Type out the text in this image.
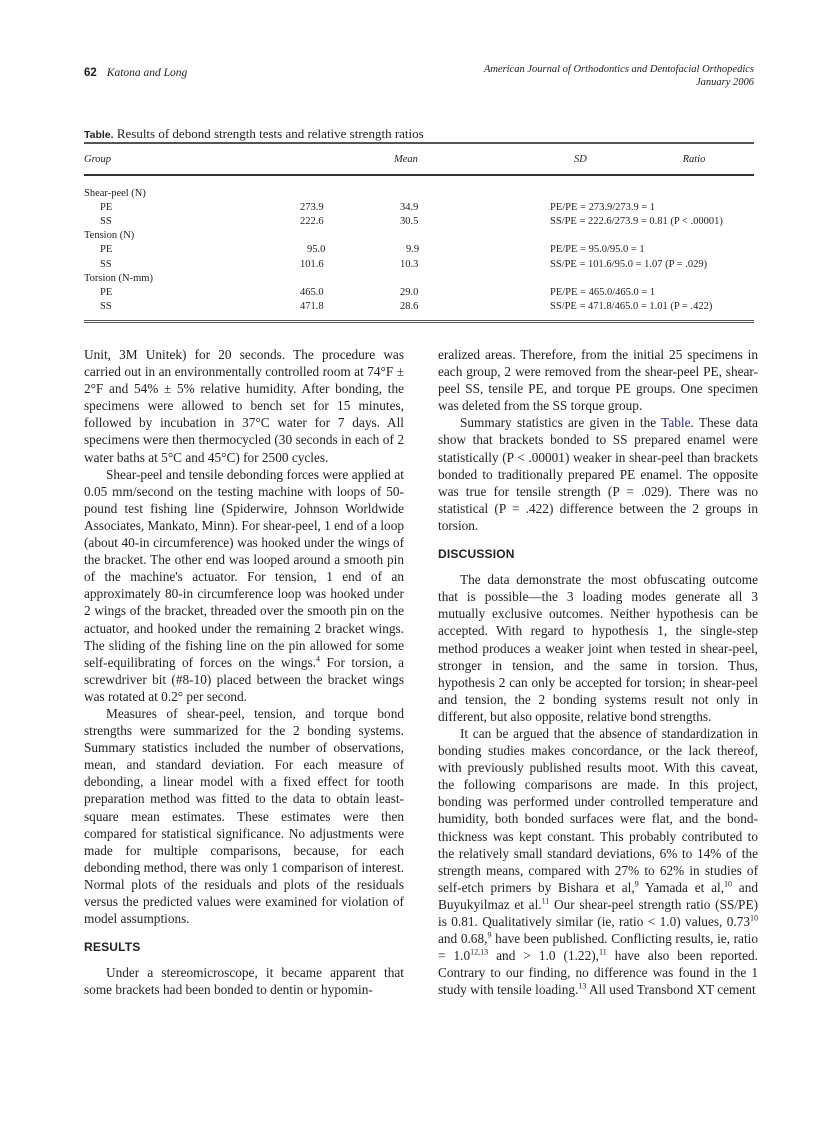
62 Katona and Long	American Journal of Orthodontics and Dentofacial Orthopedics
January 2006
Table. Results of debond strength tests and relative strength ratios
Group	Mean	SD	Ratio
Shear-peel (N)
PE	273.9	34.9	PE/PE = 273.9/273.9 = 1
SS	222.6	30.5	SS/PE = 222.6/273.9 = 0.81 (P < .00001)
Tension (N)
PE	95.0	9.9	PE/PE = 95.0/95.0 = 1
SS	101.6	10.3	SS/PE = 101.6/95.0 = 1.07 (P = .029)
Torsion (N-mm)
PE	465.0	29.0	PE/PE = 465.0/465.0 = 1
SS	471.8	28.6	SS/PE = 471.8/465.0 = 1.01 (P = .422)

Unit, 3M Unitek) for 20 seconds. The procedure was carried out in an environmentally controlled room at 74°F ± 2°F and 54% ± 5% relative humidity. After bonding, the specimens were allowed to bench set for 15 minutes, followed by incubation in 37°C water for 7 days. All specimens were then thermocycled (30 seconds in each of 2 water baths at 5°C and 45°C) for 2500 cycles.

Shear-peel and tensile debonding forces were applied at 0.05 mm/second on the testing machine with loops of 50-pound test fishing line (Spiderwire, Johnson Worldwide Associates, Mankato, Minn). For shear-peel, 1 end of a loop (about 40-in circumference) was hooked under the wings of the bracket. The other end was looped around a smooth pin of the machine's actuator. For tension, 1 end of an approximately 80-in circumference loop was hooked under 2 wings of the bracket, threaded over the smooth pin on the actuator, and hooked under the remaining 2 bracket wings. The sliding of the fishing line on the pin allowed for some self-equilibrating of forces on the wings.$^4$ For torsion, a screwdriver bit (#8-10) placed between the bracket wings was rotated at 0.2° per second.

Measures of shear-peel, tension, and torque bond strengths were summarized for the 2 bonding systems. Summary statistics included the number of observations, mean, and standard deviation. For each measure of debonding, a linear model with a fixed effect for tooth preparation method was fitted to the data to obtain least-square mean estimates. These estimates were then compared for statistical significance. No adjustments were made for multiple comparisons, because, for each debonding method, there was only 1 comparison of interest. Normal plots of the residuals and plots of the residuals versus the predicted values were examined for violation of model assumptions.

RESULTS

Under a stereomicroscope, it became apparent that some brackets had been bonded to dentin or hypomin-

eralized areas. Therefore, from the initial 25 specimens in each group, 2 were removed from the shear-peel PE, shear-peel SS, tensile PE, and torque PE groups. One specimen was deleted from the SS torque group.

Summary statistics are given in the Table. These data show that brackets bonded to SS prepared enamel were statistically (P < .00001) weaker in shear-peel than brackets bonded to traditionally prepared PE enamel. The opposite was true for tensile strength (P = .029). There was no statistical (P = .422) difference between the 2 groups in torsion.

DISCUSSION

The data demonstrate the most obfuscating outcome that is possible—the 3 loading modes generate all 3 mutually exclusive outcomes. Neither hypothesis can be accepted. With regard to hypothesis 1, the single-step method produces a weaker joint when tested in shear-peel, stronger in tension, and the same in torsion. Thus, hypothesis 2 can only be accepted for torsion; in shear-peel and tension, the 2 bonding systems result not only in different, but also opposite, relative bond strengths.

It can be argued that the absence of standardization in bonding studies makes concordance, or the lack thereof, with previously published results moot. With this caveat, the following comparisons are made. In this project, bonding was performed under controlled temperature and humidity, both bonded surfaces were flat, and the bond-thickness was kept constant. This probably contributed to the relatively small standard deviations, 6% to 14% of the strength means, compared with 27% to 62% in studies of self-etch primers by Bishara et al,$^9$ Yamada et al,$^{10}$ and Buyukyilmaz et al.$^{11}$ Our shear-peel strength ratio (SS/PE) is 0.81. Qualitatively similar (ie, ratio < 1.0) values, 0.73$^{10}$ and 0.68,$^9$ have been published. Conflicting results, ie, ratio = $1.0^{12,13}$ and > 1.0 (1.22),$^{11}$ have also been reported. Contrary to our finding, no difference was found in the 1 study with tensile loading.$^{13}$ All used Transbond XT cement
